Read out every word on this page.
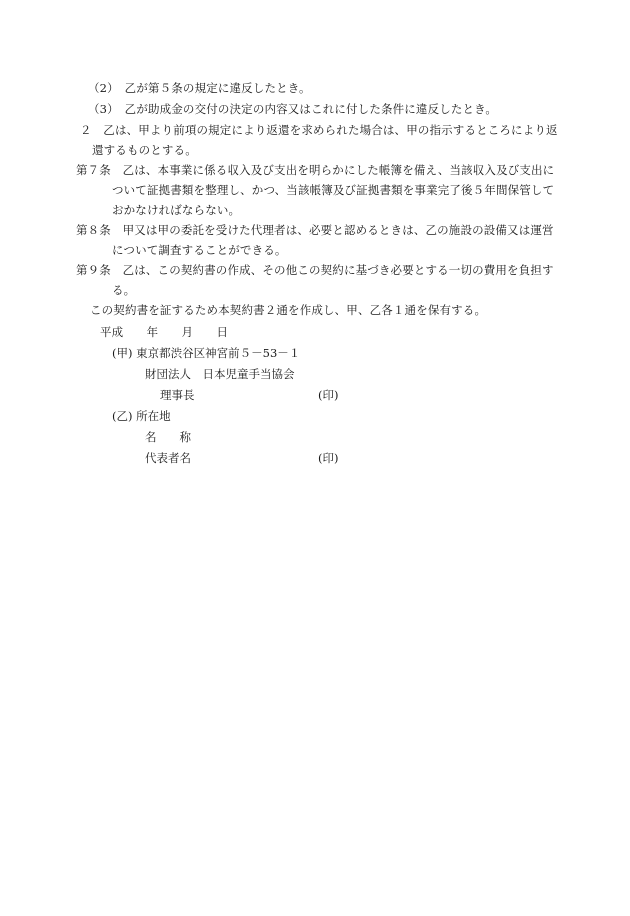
（2）　乙が第５条の規定に違反したとき。
（3）　乙が助成金の交付の決定の内容又はこれに付した条件に違反したとき。
２　乙は、甲より前項の規定により返還を求められた場合は、甲の指示するところにより返
還するものとする。
第７条　乙は、本事業に係る収入及び支出を明らかにした帳簿を備え、当該収入及び支出に
ついて証拠書類を整理し、かつ、当該帳簿及び証拠書類を事業完了後５年間保管して
おかなければならない。
第８条　甲又は甲の委託を受けた代理者は、必要と認めるときは、乙の施設の設備又は運営
について調査することができる。
第９条　乙は、この契約書の作成、その他この契約に基づき必要とする一切の費用を負担す
る。
この契約書を証するため本契約書２通を作成し、甲、乙各１通を保有する。
平成　　年　　月　　日
(甲) 東京都渋谷区神宮前５－53－１
財団法人　日本児童手当協会
理事長	(印)
(乙) 所在地
名　　称
代表者名	(印)
